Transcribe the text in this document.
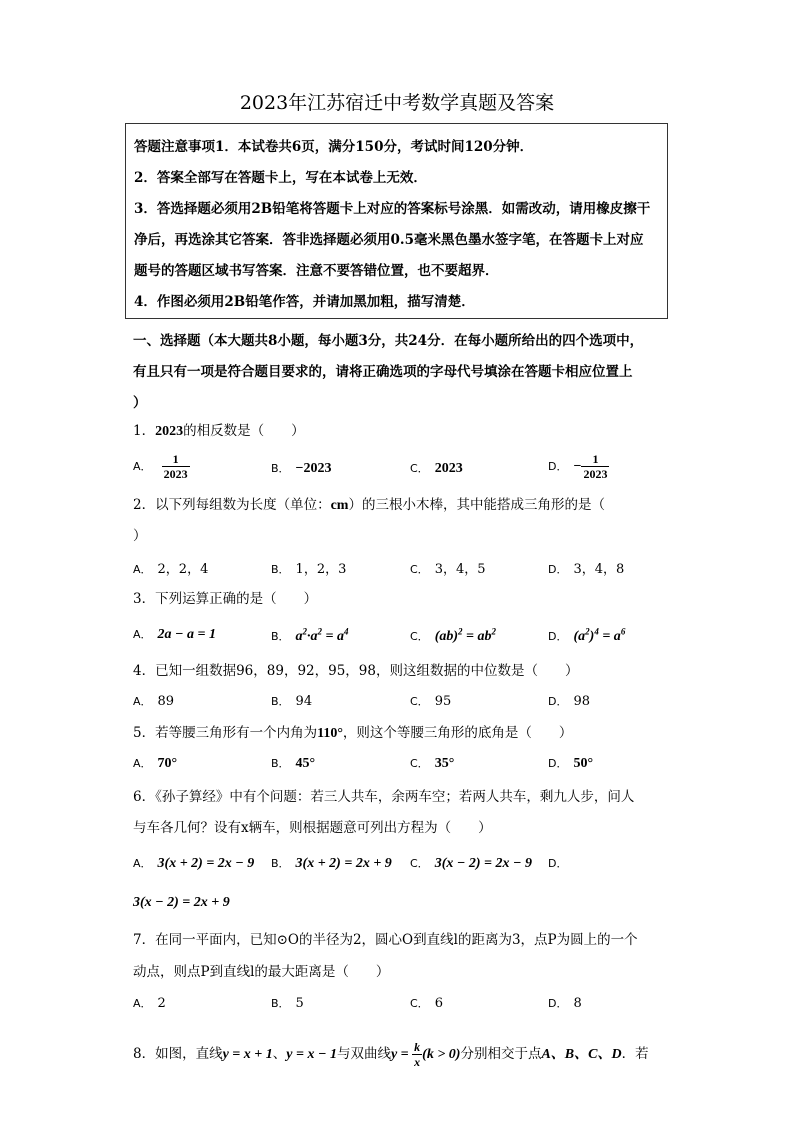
2023年江苏宿迁中考数学真题及答案

答题注意事项1．本试卷共6页，满分150分，考试时间120分钟．

2．答案全部写在答题卡上，写在本试卷上无效．

3．答选择题必须用2B铅笔将答题卡上对应的答案标号涂黑．如需改动，请用橡皮擦干

净后，再选涂其它答案．答非选择题必须用0.5毫米黑色墨水签字笔，在答题卡上对应

题号的答题区域书写答案．注意不要答错位置，也不要超界．

4．作图必须用2B铅笔作答，并请加黑加粗，描写清楚．

一、选择题（本大题共8小题，每小题3分，共24分．在每小题所给出的四个选项中，

有且只有一项是符合题目要求的，请将正确选项的字母代号填涂在答题卡相应位置上

）

1．2023的相反数是（　　）
A． $\frac{1}{2023}$	B． −2023	C． 2023	D． − $\frac{1}{2023}$
2．以下列每组数为长度（单位：cm）的三根小木棒，其中能搭成三角形的是（
）
A． 2，2，4	B． 1，2，3	C． 3，4，5	D． 3，4，8
3．下列运算正确的是（　　）
A． 2a − a = 1	B． $a^2\cdot a^2 = a^4$	C． $(ab)^2 = ab^2$	D． $(a^2)^4 = a^6$
4．已知一组数据96，89，92，95，98，则这组数据的中位数是（　　）
A． 89	B． 94	C． 95	D． 98
5．若等腰三角形有一个内角为110°，则这个等腰三角形的底角是（　　）
A． 70°	B． 45°	C． 35°	D． 50°
6．《孙子算经》中有个问题：若三人共车，余两车空；若两人共车，剩九人步，问人
与车各几何？设有x辆车，则根据题意可列出方程为（　　）
A． 3(x + 2) = 2x − 9 B． 3(x + 2) = 2x + 9 C． 3(x − 2) = 2x − 9 D．
3(x − 2) = 2x + 9
7．在同一平面内，已知⊙O的半径为2，圆心O到直线l的距离为3，点P为圆上的一个
动点，则点P到直线l的最大距离是（　　）
A． 2	B． 5	C． 6	D． 8
8．如图，直线y = x + 1、y = x − 1与双曲线$y = \frac{k}{x} (k > 0)$分别相交于点A、B、C、D．若
